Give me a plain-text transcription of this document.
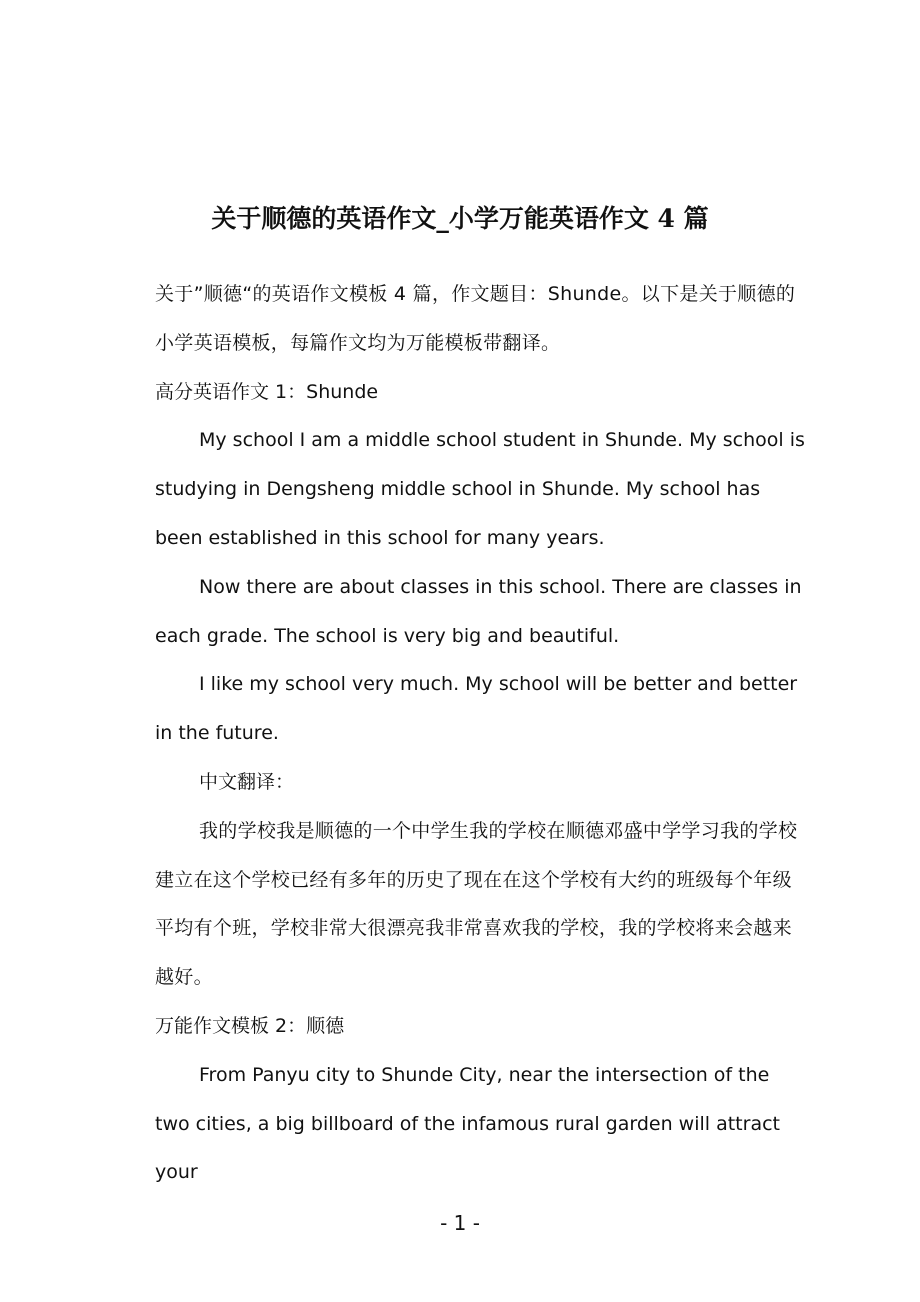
关于顺德的英语作文_小学万能英语作文 4 篇

关于”顺德“的英语作文模板 4 篇，作文题目：Shunde。以下是关于顺德的小学英语模板，每篇作文均为万能模板带翻译。

高分英语作文 1：Shunde

My school I am a middle school student in Shunde. My school is studying in Dengsheng middle school in Shunde. My school has been established in this school for many years.

Now there are about classes in this school. There are classes in each grade. The school is very big and beautiful.

I like my school very much. My school will be better and better in the future.

中文翻译：

我的学校我是顺德的一个中学生我的学校在顺德邓盛中学学习我的学校建立在这个学校已经有多年的历史了现在在这个学校有大约的班级每个年级平均有个班，学校非常大很漂亮我非常喜欢我的学校，我的学校将来会越来越好。

万能作文模板 2：顺德

From Panyu city to Shunde City, near the intersection of the two cities, a big billboard of the infamous rural garden will attract your

- 1 -
